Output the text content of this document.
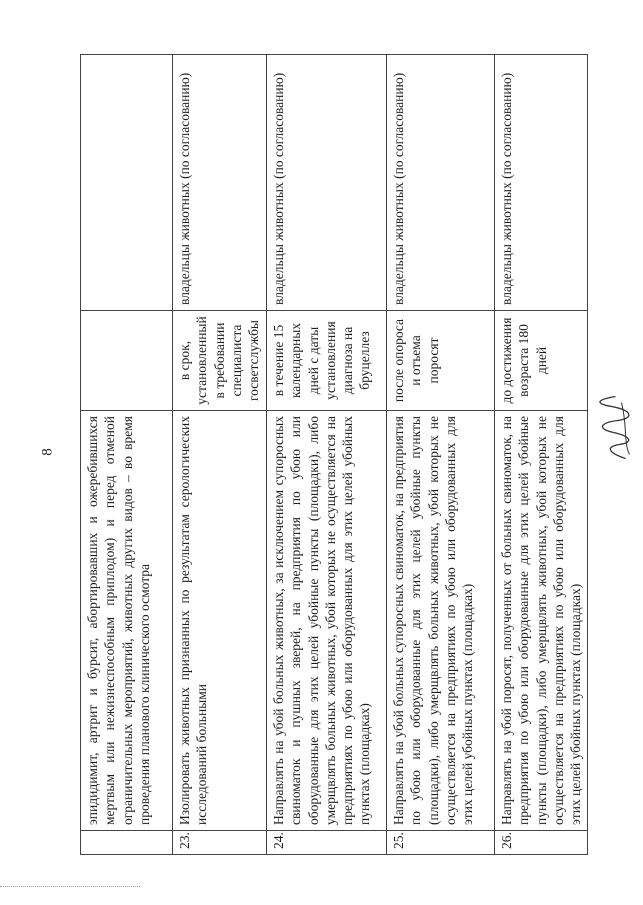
8
	эпидидимит, артрит и бурсит, абортировавших и ожеребившихся мертвым или нежизнеспособным приплодом) и перед отменой ограничительных мероприятий, животных других видов – во время проведения планового клинического осмотра		
23.	Изолировать животных признанных по результатам серологических исследований больными	в срок, установленный в требовании специалиста госветслужбы	владельцы животных (по согласованию)
24.	Направлять на убой больных животных, за исключением супоросных свиноматок и пушных зверей, на предприятия по убою или оборудованные для этих целей убойные пункты (площадки), либо умерщвлять больных животных, убой которых не осуществляется на предприятиях по убою или оборудованных для этих целей убойных пунктах (площадках)	в течение 15 календарных дней с даты установления диагноза на бруцеллез	владельцы животных (по согласованию)
25.	Направлять на убой больных супоросных свиноматок, на предприятия по убою или оборудованные для этих целей убойные пункты (площадки), либо умерщвлять больных животных, убой которых не осуществляется на предприятиях по убою или оборудованных для этих целей убойных пунктах (площадках)	после опороса и отъема поросят	владельцы животных (по согласованию)
26.	Направлять на убой поросят, полученных от больных свиноматок, на предприятия по убою или оборудованные для этих целей убойные пункты (площадки), либо умерщвлять животных, убой которых не осуществляется на предприятиях по убою или оборудованных для этих целей убойных пунктах (площадках)	до достижения возраста 180 дней	владельцы животных (по согласованию)
